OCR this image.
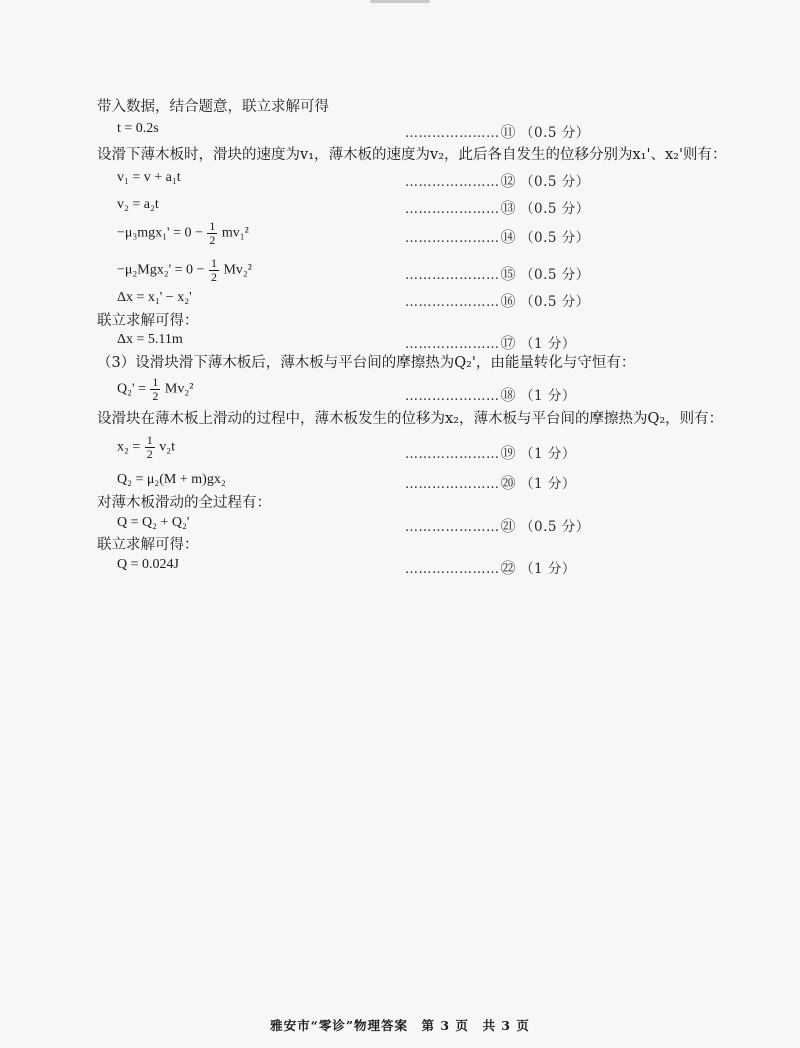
带入数据，结合题意，联立求解可得
t = 0.2s	…………………⑪ （0.5 分）
设滑下薄木板时，滑块的速度为v₁，薄木板的速度为v₂，此后各自发生的位移分别为x₁'、x₂'则有：
v₁ = v + a₁t	…………………⑫ （0.5 分）
v₂ = a₂t	…………………⑬ （0.5 分）
$-\mu_3mgx_1' = 0 - \frac{1}{2} mv_1^2$	…………………⑭ （0.5 分）
$-\mu_2Mgx_2' = 0 - \frac{1}{2} Mv_2^2$	…………………⑮ （0.5 分）
Δx = x₁' − x₂'	…………………⑯ （0.5 分）
联立求解可得：
Δx = 5.11m	…………………⑰ （1 分）
（3）设滑块滑下薄木板后，薄木板与平台间的摩擦热为Q₂'，由能量转化与守恒有：
$Q_2' = \frac{1}{2} Mv_2^2$	…………………⑱ （1 分）
设滑块在薄木板上滑动的过程中，薄木板发生的位移为x₂，薄木板与平台间的摩擦热为Q₂，则有：
$x_2 = \frac{1}{2} v_2t$	…………………⑲ （1 分）
Q₂ = μ₂(M + m)gx₂	…………………⑳ （1 分）
对薄木板滑动的全过程有：
Q = Q₂ + Q₂'	…………………㉑ （0.5 分）
联立求解可得：
Q = 0.024J	…………………㉒ （1 分）
雅安市“零诊”物理答案　第 3 页　共 3 页
